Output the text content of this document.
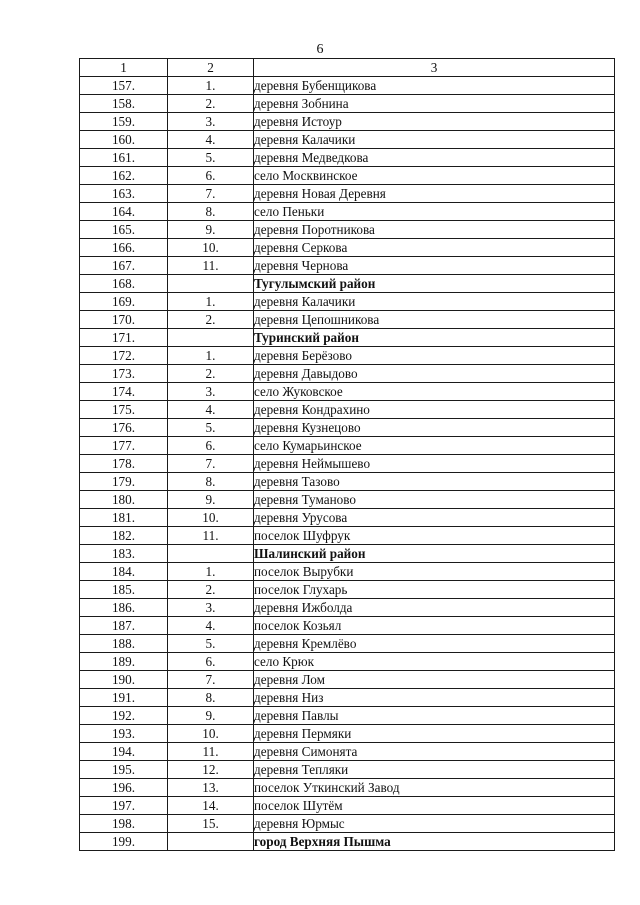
6
1	2	3
157.	1.	деревня Бубенщикова
158.	2.	деревня Зобнина
159.	3.	деревня Истоур
160.	4.	деревня Калачики
161.	5.	деревня Медведкова
162.	6.	село Москвинское
163.	7.	деревня Новая Деревня
164.	8.	село Пеньки
165.	9.	деревня Поротникова
166.	10.	деревня Серкова
167.	11.	деревня Чернова
168.		Тугулымский район
169.	1.	деревня Калачики
170.	2.	деревня Цепошникова
171.		Туринский район
172.	1.	деревня Берёзово
173.	2.	деревня Давыдово
174.	3.	село Жуковское
175.	4.	деревня Кондрахино
176.	5.	деревня Кузнецово
177.	6.	село Кумарьинское
178.	7.	деревня Неймышево
179.	8.	деревня Тазово
180.	9.	деревня Туманово
181.	10.	деревня Урусова
182.	11.	поселок Шуфрук
183.		Шалинский район
184.	1.	поселок Вырубки
185.	2.	поселок Глухарь
186.	3.	деревня Ижболда
187.	4.	поселок Козьял
188.	5.	деревня Кремлёво
189.	6.	село Крюк
190.	7.	деревня Лом
191.	8.	деревня Низ
192.	9.	деревня Павлы
193.	10.	деревня Пермяки
194.	11.	деревня Симонята
195.	12.	деревня Тепляки
196.	13.	поселок Уткинский Завод
197.	14.	поселок Шутём
198.	15.	деревня Юрмыс
199.		город Верхняя Пышма
